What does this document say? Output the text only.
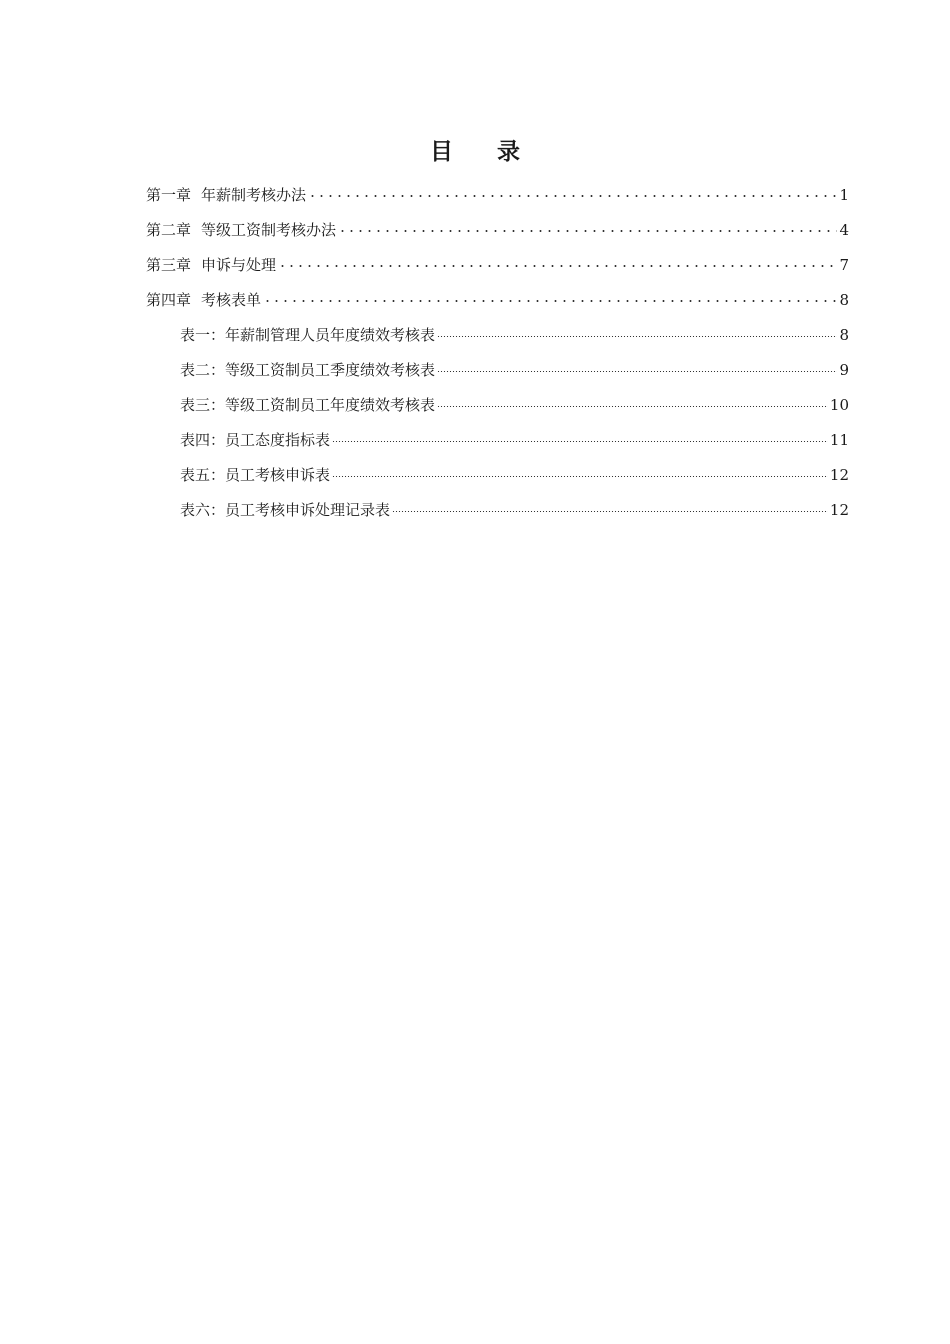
目 录
第一章 年薪制考核办法	1
第二章 等级工资制考核办法	4
第三章 申诉与处理	7
第四章 考核表单	8
表一：年薪制管理人员年度绩效考核表	8
表二：等级工资制员工季度绩效考核表	9
表三：等级工资制员工年度绩效考核表	10
表四：员工态度指标表	11
表五：员工考核申诉表	12
表六：员工考核申诉处理记录表	12
